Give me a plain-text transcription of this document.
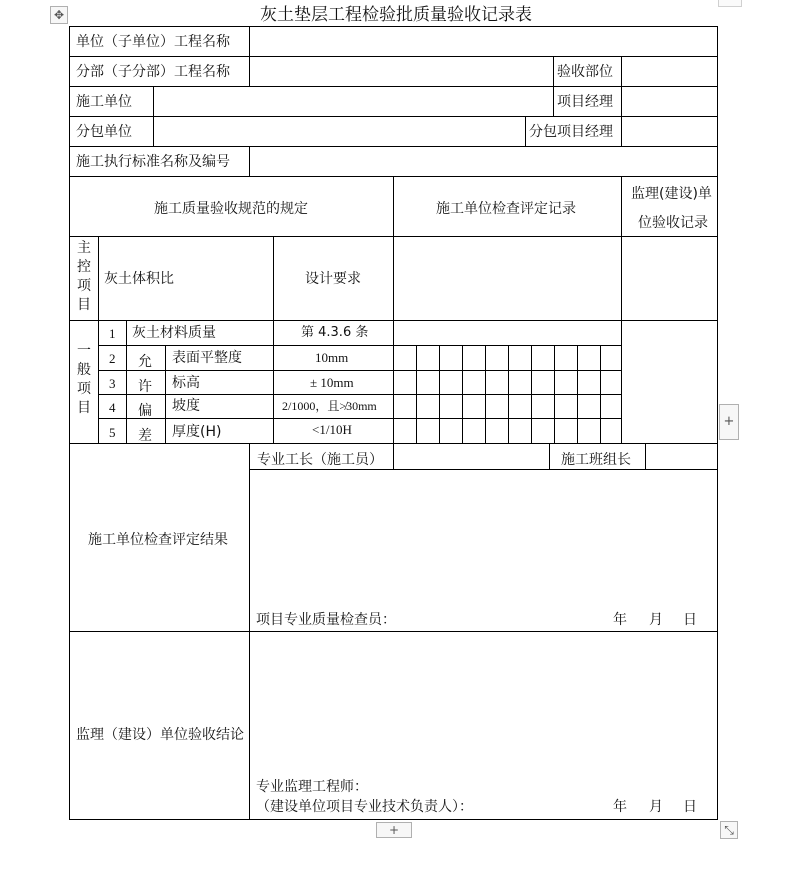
灰土垫层工程检验批质量验收记录表
✥
单位（子单位）工程名称
分部（子分部）工程名称	验收部位
施工单位	项目经理
分包单位	分包项目经理
施工执行标准名称及编号
施工质量验收规范的规定	施工单位检查评定记录
监理(建设)单
位验收记录
主控项目
灰土体积比	设计要求
一般项目
允许偏差
1 灰土材料质量	第 4.3.6 条
2	表面平整度	10mm
3	标高	± 10mm
4	坡度	2/1000，且≯30mm
5	厚度(H)	<1/10H
专业工长（施工员）	施工班组长
施工单位检查评定结果
项目专业质量检查员：	年 月 日
监理（建设）单位验收结论
专业监理工程师：
（建设单位项目专业技术负责人）：	年 月 日
+
+	⤡
